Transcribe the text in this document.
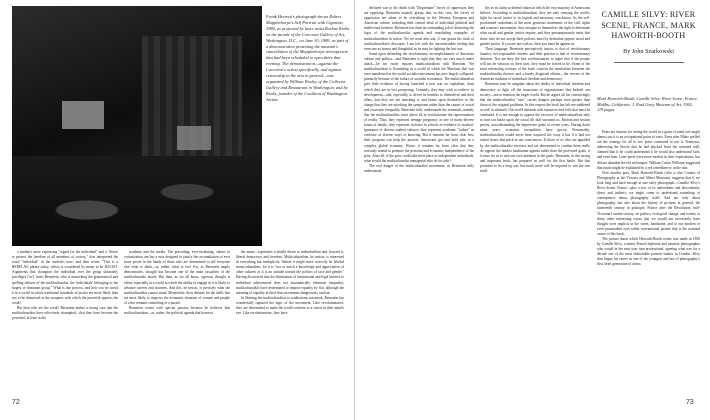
Frank Herrera's photograph shows Robert Mapplethorpe's Self Portrait with Cigarette, 1980, as projected by laser artist Rockne Krebs on the facade of the Corcoran Gallery of Art, Washington, D.C., on June 30, 1989, as part of a demonstration protesting the museum's cancellation of the Mapplethorpe retrospective that had been scheduled to open there that evening. The demonstration—against the Corcoran's action specifically, and against censorship in the arts in general—was organized by William Wooby, of the Collector Gallery and Restaurant in Washington, and by Krebs, founder of the Coalition of Washington Artists.

a student's mere expressing "regard for the individual" and a "desire to protect the freedom of all members of society," first interpreted the word "individual" in the student's note, and then wrote, "This is a REDFLAG phrase today, which is considered by many to be RACIST. Arguments that champion the individual over the group ultimately privileges ['us'] 'notes Bernstein, who is mimicking the grammatical and spelling failures of the multiculturalist, the 'individuals' belonging to the largest or dominant group." What is due process, and how can we avoid it in a world in which traditional standards of justice are more likely than not to be dismissed as the weapons with which the powerful oppress the weak?

But then who are the weak? Bernstein makes a strong case that the multiculturalists have effectively triumphed—that they have become the powerful, at least in the

academy and the media. The prevailing, ever-escalating, claims of victimization are but a ruse designed to justify the accumulation of ever more power in the hands of those who are determined to tell everyone else what to think—or, rather, what to feel. For, as Bernstein amply demonstrates, thought has become one of the main casualties of the multiculturalist attack. But then, as we all know, rigorous thought is elitist, especially in a world in which the ability to engage in it is likely to advance careers and incomes. And this, he insists, is precisely what the multiculturalists cannot stand. Meanwhile, their distaste for the skills that are most likely to improve the economic situation of women and people of color remains something of a puzzle.

Bernstein writes with special passion because he believes that multiculturalism—or, rather, the political agenda that borrows

the name—represents a deadly threat to individualism and, beyond it, liberal democracy and freedom. Multiculturalism, he insists, is interested in everything but multiplicity. Indeed it might more correctly be labeled monoculturalism, for it is "not so much a knowledge and appreciation of other cultures as it is an attitude toward the politics of race and gender." Having discovered that the elimination of institutional and legal barriers to individual achievement does not automatically eliminate inequality, multiculturalists have determined to impose equality by fiat, although the meaning of equality in their lexicon remains dangerously unclear.

In likening the multiculturalists to totalitarians run amok, Bernstein has wonderfully captured the logic of the movement. Like revolutionaries, they are determined to make the world conform to a vision in their mind's eye. Like revolutionaries, they have

72

declared war to the death with "illegitimate" forces of oppression they are opposing. Bernstein astutely grasps that, in this case, the forces of oppression are taken to be everything in the Western European and American culture, including their central ideal of individual political and intellectual freedom. Bernstein has done an outstanding job of dissecting the logic of the multiculturalist agenda and marshaling examples of multiculturalism in action. Yet we must also ask, if one grants the truth of multiculturalism's discourse, I am left with the uncomfortable feeling that even one as honest and thoughtful as he may be fighting the last war.

Some upon defending the revolutionary accomplishments of American culture and politics—and Bernstein is right that they are very much under attack—he too easily equates multiculturalism with Marxism. Yet multiculturalism is flourishing in a world in which the Marxism that was once manifested in the world socialist movement has now largely collapsed, primarily because of the failure of socialist economies. The multiculturalists give little evidence of having launched a new war on capitalism, from which they are in fact prospering. Certainly, they may wish to redirect its development—and, especially, to divert its benefits to themselves and their allies—but they are not attacking it, and hence open themselves to the charge that they are attacking the symptoms rather than the causes of social and economic inequality. Bernstein fully understands the essentials, namely that the multiculturalists want above all to revolutionize the representation of reality. Thus, they represent teenage pregnancy as one of many diverse forms of family; they represent violence in schools as evidence of teachers' ignorance of diverse student cultures; they represent academic "failure" as evidence of diverse ways of knowing. But it remains far from clear how their program can help the poorest. Americans get and hold jobs in a complex global economy. Worse, it remains far from clear that they seriously intend to promote the personal and economic independence of the poor. After all, if the poor could take their place as independent individuals, what would the multiculturalist managerial elite do for jobs?

The real danger of the multiculturalist movement, as Bernstein fully understands,

lies in its claim to defend values in which the vast majority of Americans believe. According to multiculturalism, they are only carrying the worthy fight for racial justice to its logical and necessary conclusion. As the self-proclaimed custodians of the most generous sentiments of the civil rights and women's movements, they arrogate to themselves the right to determine what racial and gender justice require, and they presumptuously insist that those who do not accept their policies must by definition oppose racial and gender justice. If you are not with us, then you must be against us.

Their language, Bernstein perceptively insists, is that of revolutionary fanatics, not responsible citizens, and their practice is that of revolutionary dictators. Nor are they the first revolutionaries to argue that if the people will not be virtuous on their own, they must be forced to be. Some of the most interesting sections of the book concern the similarities between the multiculturalist rhetoric and a barely disguised elitism—the reverse of the American tradition of individual freedom and democracy.

Bernstein may be sanguine about the ability of individual freedom and democracy to fight off the incursions of organizations that bedevil our society—not to mention the larger world. But he argues all too convincingly that the multiculturalist "cure" carries dangers perhaps even greater than those of the original problems. In this respect the book has left me saddened as well as alarmed. Our world abounds with injustices and evils that must be combated. It is not enough to oppose the excesses of multiculturalism only to turn our backs upon the social ills that surround us. Racism and sexism persist, notwithstanding the impressive gains of recent years. During those same years, economic inequalities have grown. Presumably, multiculturalism would never have acquired the sway it has if it had not raised issues that prick at our consciences. If those of us who are appalled by the multiculturalist excesses and are determined to combat them really do oppose the hidden totalitarian agenda rather than the professed goals, it is time for us to turn our own attention to the goals. Bernstein, in this strong and important book, has prepared us well for the first battle. But that promises to be a long war, but much more will be required to win the war itself.

CAMILLE SILVY: RIVER SCENE, FRANCE, MARK HAWORTH-BOOTH
By John Szarkowski
Mark Haworth-Booth, Camille Silvy: River Scene, France. Malibu, California: J. Paul Getty Museum of Art, 1992, 119 pages.

Poets are famous for seeing the world in a grain of sand; one might almost say it is an occupational point of view. Even after Blake spelled out the strategy for all to see, poets continued to use it. Tennyson, addressing the flower that he had plucked from the crannied wall, claimed that if he could understand it he would also understand God, and even man. Later poets were more modest in their expectations, but did not abandon the old techniques. William Carlos Williams suggested that much might be explained by a red wheelbarrow in the rain.

Now another poet, Mark Haworth-Booth (who is also Curator of Photography at the Victoria and Albert Museum), suggests that if we look long and hard enough at one early photograph—Camille Silvy's River Scene, France—plus a few of its antecedents and descendants, direct and indirect, we might come to understand something of consequence about photography itself. And not only about photography, but also about the history of pictures in general, the nineteenth century in principle, France after the Revolution, mid-Victorian London society, art politics, ecological change, and twenty or thirty other interesting issues that we would not necessarily have thought were implicit in the sweet, handsome, and to our modern or even postmodern eyes rather conventional picture that is the nominal center of this book.

The picture about which Haworth-Booth writes was made in 1858 by Camille Silvy, a minor French diplomat and amateur photographer who would in the next year turn professional, opening what was for a decade one of the most fashionable portrait studios in London. Silvy thus began his career as one of the youngest and last of photography's first, brief generation of artists

73
